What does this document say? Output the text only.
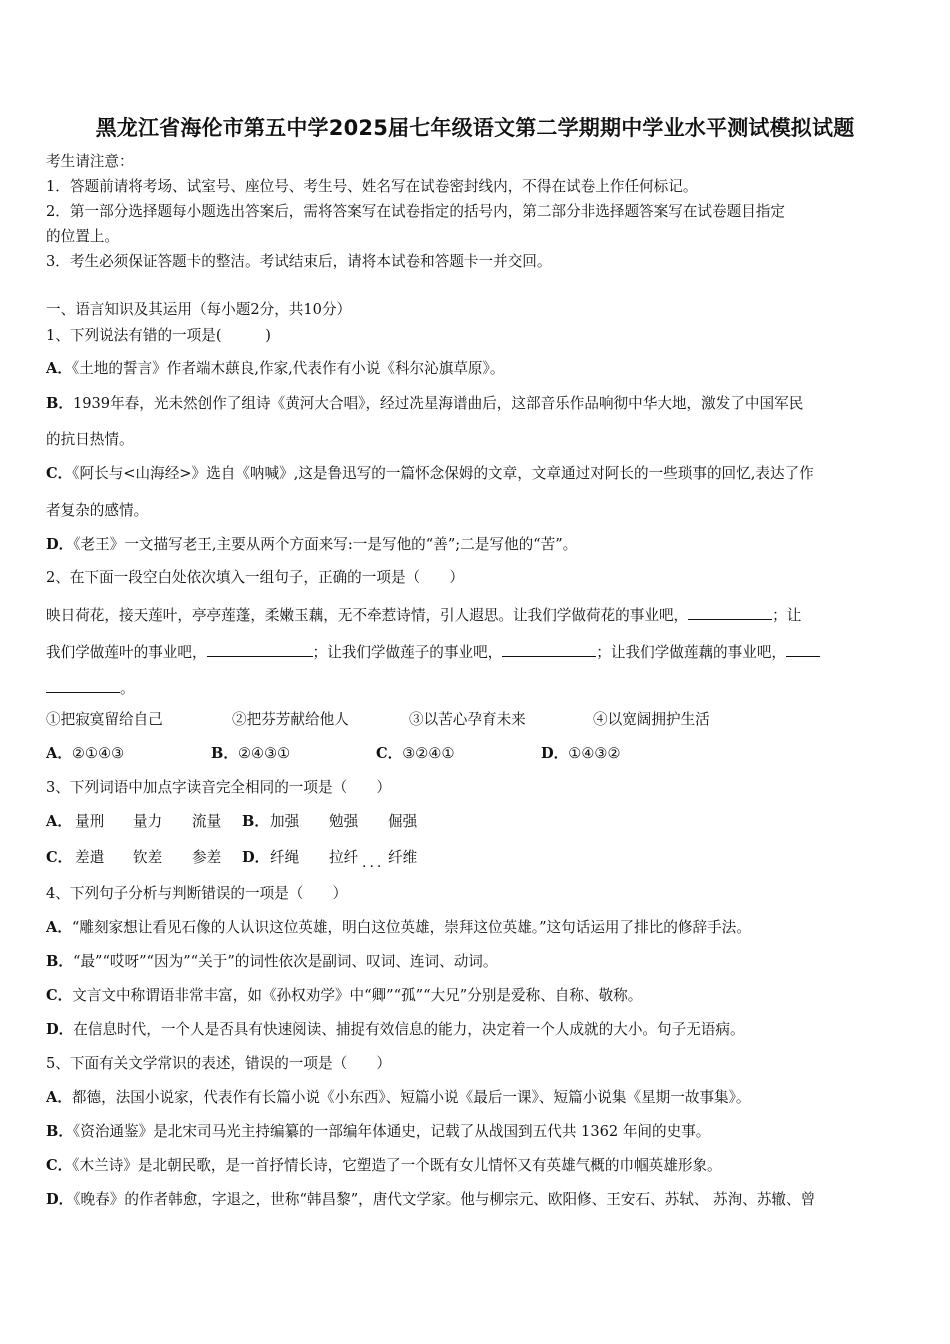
黑龙江省海伦市第五中学2025届七年级语文第二学期期中学业水平测试模拟试题
考生请注意：
1．答题前请将考场、试室号、座位号、考生号、姓名写在试卷密封线内，不得在试卷上作任何标记。
2．第一部分选择题每小题选出答案后，需将答案写在试卷指定的括号内，第二部分非选择题答案写在试卷题目指定
的位置上。
3．考生必须保证答题卡的整洁。考试结束后，请将本试卷和答题卡一并交回。
一、语言知识及其运用（每小题2分，共10分）
1、下列说法有错的一项是(　　　)
A．《土地的誓言》作者端木蕻良,作家,代表作有小说《科尔沁旗草原》。
B．1939年春，光未然创作了组诗《黄河大合唱》，经过冼星海谱曲后，这部音乐作品响彻中华大地，激发了中国军民
的抗日热情。
C．《阿长与<山海经>》选自《呐喊》,这是鲁迅写的一篇怀念保姆的文章，文章通过对阿长的一些琐事的回忆,表达了作
者复杂的感情。
D．《老王》一文描写老王,主要从两个方面来写:一是写他的“善”;二是写他的“苦”。
2、在下面一段空白处依次填入一组句子，正确的一项是（　　）
映日荷花，接天莲叶，亭亭莲蓬，柔嫩玉藕，无不牵惹诗情，引人遐思。让我们学做荷花的事业吧，	；让
我们学做莲叶的事业吧，	；让我们学做莲子的事业吧，	；让我们学做莲藕的事业吧，
。
①把寂寞留给自己	②把芬芳献给他人	③以苦心孕育未来	④以宽阔拥护生活
A．②①④③	B．②④③①	C．③②④①	D．①④③②
3、下列词语中加点字读音完全相同的一项是（　　）
A． 量刑 量力 流量 B． 加强 勉强 倔强
C． 差遣 钦差 参差 D． 纤绳 拉纤 纤维
...
4、下列句子分析与判断错误的一项是（　　）
A．“雕刻家想让看见石像的人认识这位英雄，明白这位英雄，崇拜这位英雄。”这句话运用了排比的修辞手法。
B．“最”“哎呀”“因为”“关于”的词性依次是副词、叹词、连词、动词。
C．文言文中称谓语非常丰富，如《孙权劝学》中“卿”“孤”“大兄”分别是爱称、自称、敬称。
D．在信息时代，一个人是否具有快速阅读、捕捉有效信息的能力，决定着一个人成就的大小。句子无语病。
5、下面有关文学常识的表述，错误的一项是（　　）
A．都德，法国小说家，代表作有长篇小说《小东西》、短篇小说《最后一课》、短篇小说集《星期一故事集》。
B．《资治通鉴》是北宋司马光主持编纂的一部编年体通史，记载了从战国到五代共 1362 年间的史事。
C．《木兰诗》是北朝民歌，是一首抒情长诗，它塑造了一个既有女儿情怀又有英雄气概的巾帼英雄形象。
D．《晚春》的作者韩愈，字退之，世称“韩昌黎”，唐代文学家。他与柳宗元、欧阳修、王安石、苏轼、 苏洵、苏辙、曾
